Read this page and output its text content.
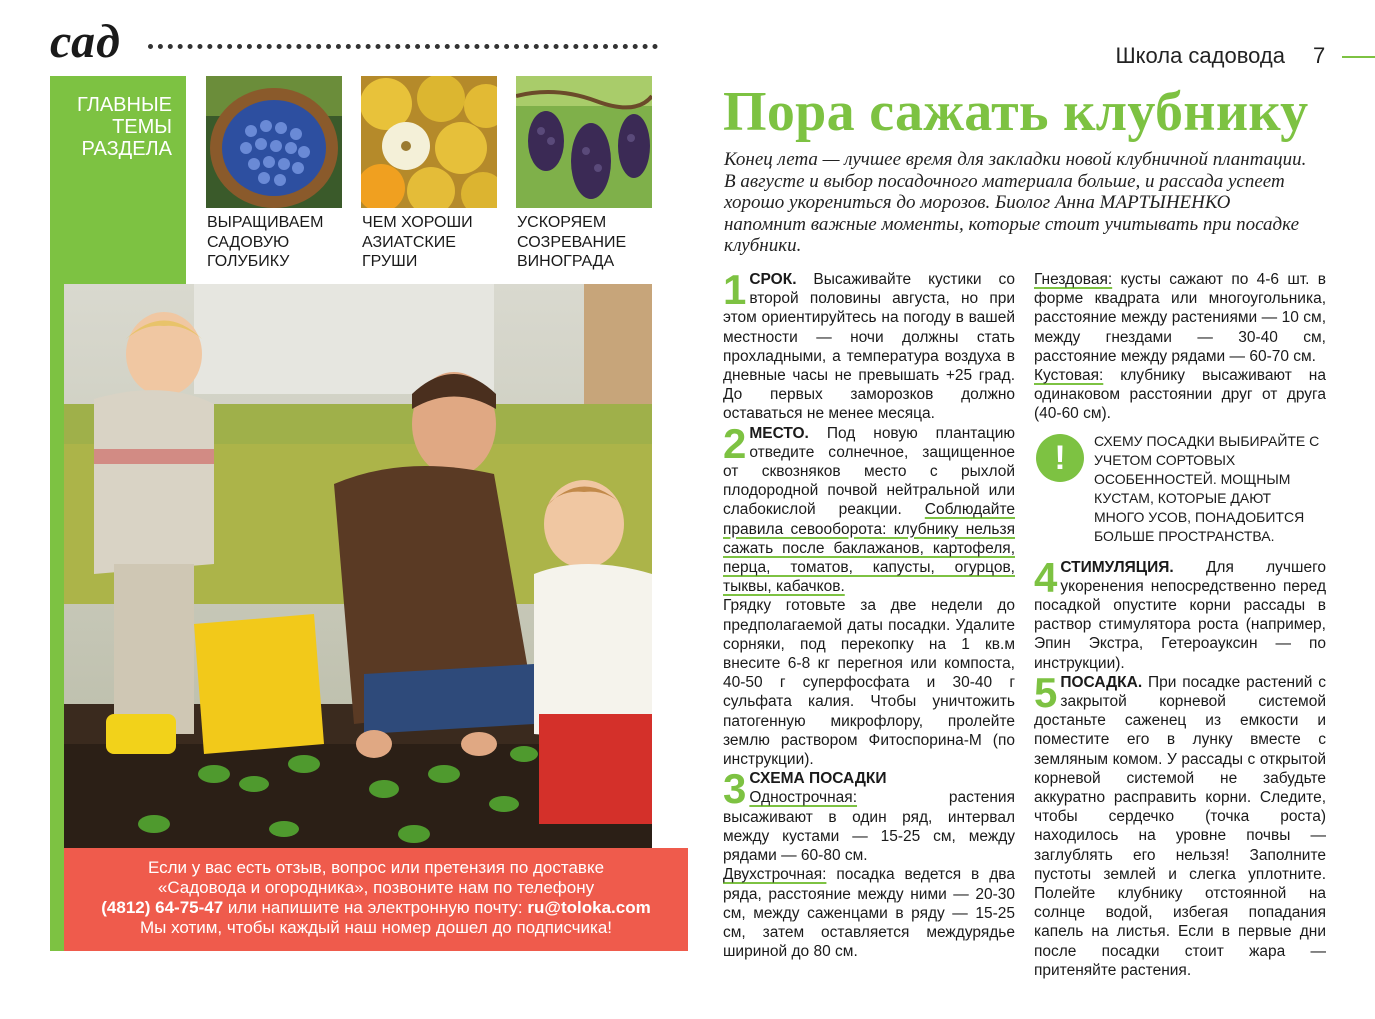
сад	Школа садовода 7
ГЛАВНЫЕ
ТЕМЫ
РАЗДЕЛА
ВЫРАЩИВАЕМ
САДОВУЮ
ГОЛУБИКУ
ЧЕМ ХОРОШИ
АЗИАТСКИЕ
ГРУШИ
УСКОРЯЕМ
СОЗРЕВАНИЕ
ВИНОГРАДА
Если у вас есть отзыв, вопрос или претензия по доставке
«Садовода и огородника», позвоните нам по телефону
(4812) 64-75-47 или напишите на электронную почту: ru@toloka.com
Мы хотим, чтобы каждый наш номер дошел до подписчика!
Пора сажать клубнику
Конец лета — лучшее время для закладки новой клубничной плантации. В августе и выбор посадочного материала больше, и рассада успеет хорошо укорениться до морозов. Биолог Анна МАРТЫНЕНКО напомнит важные моменты, которые стоит учитывать при посадке клубники.

1 СРОК. Высаживайте кустики со второй половины августа, но при этом ориентируйтесь на погоду в вашей местности — ночи должны стать прохладными, а температура воздуха в дневные часы не превышать +25 град. До первых заморозков должно оставаться не менее месяца.

2 МЕСТО. Под новую плантацию отведите солнечное, защищенное от сквозняков место с рыхлой плодородной почвой нейтральной или слабокислой реакции. Соблюдайте правила севооборота: клубнику нельзя сажать после баклажанов, картофеля, перца, томатов, капусты, огурцов, тыквы, кабачков.

Грядку готовьте за две недели до предполагаемой даты посадки. Удалите сорняки, под перекопку на 1 кв.м внесите 6-8 кг перегноя или компоста, 40-50 г суперфосфата и 30-40 г сульфата калия. Чтобы уничтожить патогенную микрофлору, пролейте землю раствором Фитоспорина-М (по инструкции).

3 СХЕМА ПОСАДКИ

Однострочная: растения высаживают в один ряд, интервал между кустами — 15-25 см, между рядами — 60-80 см.

Двухстрочная: посадка ведется в два ряда, расстояние между ними — 20-30 см, между саженцами в ряду — 15-25 см, затем оставляется междурядье шириной до 80 см.

Гнездовая: кусты сажают по 4-6 шт. в форме квадрата или многоугольника, расстояние между растениями — 10 см, между гнездами — 30-40 см, расстояние между рядами — 60-70 см.

Кустовая: клубнику высаживают на одинаковом расстоянии друг от друга (40-60 см).

!	СХЕМУ ПОСАДКИ ВЫБИРАЙТЕ С УЧЕТОМ СОРТОВЫХ ОСОБЕННОСТЕЙ. МОЩНЫМ КУСТАМ, КОТОРЫЕ ДАЮТ МНОГО УСОВ, ПОНАДОБИТСЯ БОЛЬШЕ ПРОСТРАНСТВА.

4 СТИМУЛЯЦИЯ. Для лучшего укоренения непосредственно перед посадкой опустите корни рассады в раствор стимулятора роста (например, Эпин Экстра, Гетероауксин — по инструкции).

5 ПОСАДКА. При посадке растений с закрытой корневой системой достаньте саженец из емкости и поместите его в лунку вместе с земляным комом. У рассады с открытой корневой системой не забудьте аккуратно расправить корни. Следите, чтобы сердечко (точка роста) находилось на уровне почвы — заглублять его нельзя! Заполните пустоты землей и слегка уплотните. Полейте клубнику отстоянной на солнце водой, избегая попадания капель на листья. Если в первые дни после посадки стоит жара — притеняйте растения.
